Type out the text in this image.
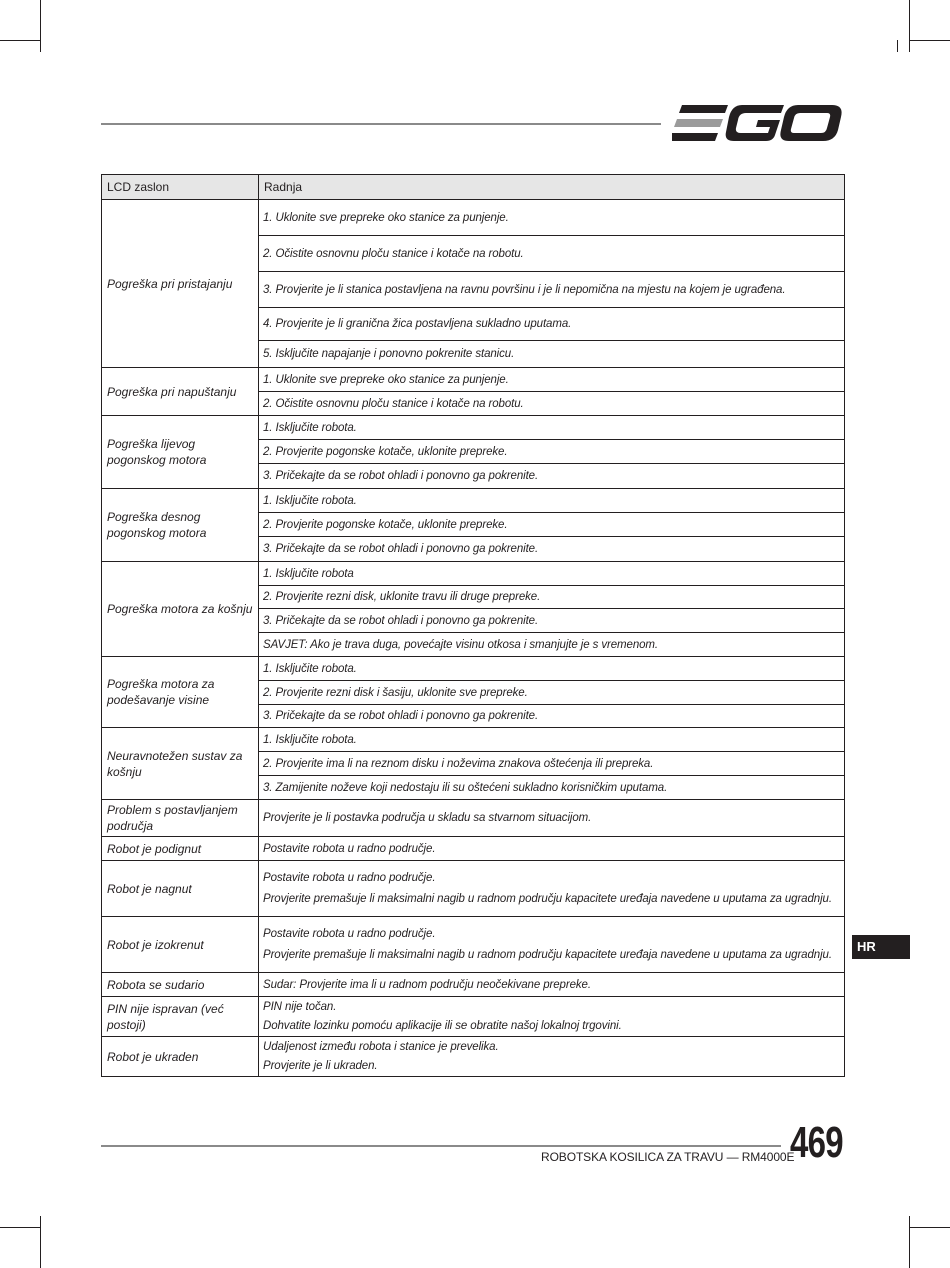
LCD zaslon	Radnja
Pogreška pri pristajanju	1. Uklonite sve prepreke oko stanice za punjenje.
	2. Očistite osnovnu ploču stanice i kotače na robotu.
	3. Provjerite je li stanica postavljena na ravnu površinu i je li nepomična na mjestu na kojem je ugrađena.
	4. Provjerite je li granična žica postavljena sukladno uputama.
	5. Isključite napajanje i ponovno pokrenite stanicu.
Pogreška pri napuštanju	1. Uklonite sve prepreke oko stanice za punjenje.
	2. Očistite osnovnu ploču stanice i kotače na robotu.
Pogreška lijevog pogonskog motora	1. Isključite robota.
	2. Provjerite pogonske kotače, uklonite prepreke.
	3. Pričekajte da se robot ohladi i ponovno ga pokrenite.
Pogreška desnog pogonskog motora	1. Isključite robota.
	2. Provjerite pogonske kotače, uklonite prepreke.
	3. Pričekajte da se robot ohladi i ponovno ga pokrenite.
Pogreška motora za košnju	1. Isključite robota
	2. Provjerite rezni disk, uklonite travu ili druge prepreke.
	3. Pričekajte da se robot ohladi i ponovno ga pokrenite.
	SAVJET: Ako je trava duga, povećajte visinu otkosa i smanjujte je s vremenom.
Pogreška motora za podešavanje visine	1. Isključite robota.
	2. Provjerite rezni disk i šasiju, uklonite sve prepreke.
	3. Pričekajte da se robot ohladi i ponovno ga pokrenite.
Neuravnotežen sustav za košnju	1. Isključite robota.
	2. Provjerite ima li na reznom disku i noževima znakova oštećenja ili prepreka.
	3. Zamijenite noževe koji nedostaju ili su oštećeni sukladno korisničkim uputama.
Problem s postavljanjem područja	Provjerite je li postavka područja u skladu sa stvarnom situacijom.
Robot je podignut	Postavite robota u radno područje.
Robot je nagnut	Postavite robota u radno područje.
Provjerite premašuje li maksimalni nagib u radnom području kapacitete uređaja navedene u uputama za ugradnju.

Robot je izokrenut	Postavite robota u radno područje.
Provjerite premašuje li maksimalni nagib u radnom području kapacitete uređaja navedene u uputama za ugradnju.

Robota se sudario	Sudar: Provjerite ima li u radnom području neočekivane prepreke.
PIN nije ispravan (već postoji)	PIN nije točan.
Dohvatite lozinku pomoću aplikacije ili se obratite našoj lokalnoj trgovini.

Robot je ukraden	Udaljenost između robota i stanice je prevelika.
Provjerite je li ukraden.
HR
ROBOTSKA KOSILICA ZA TRAVU — RM4000E
469
